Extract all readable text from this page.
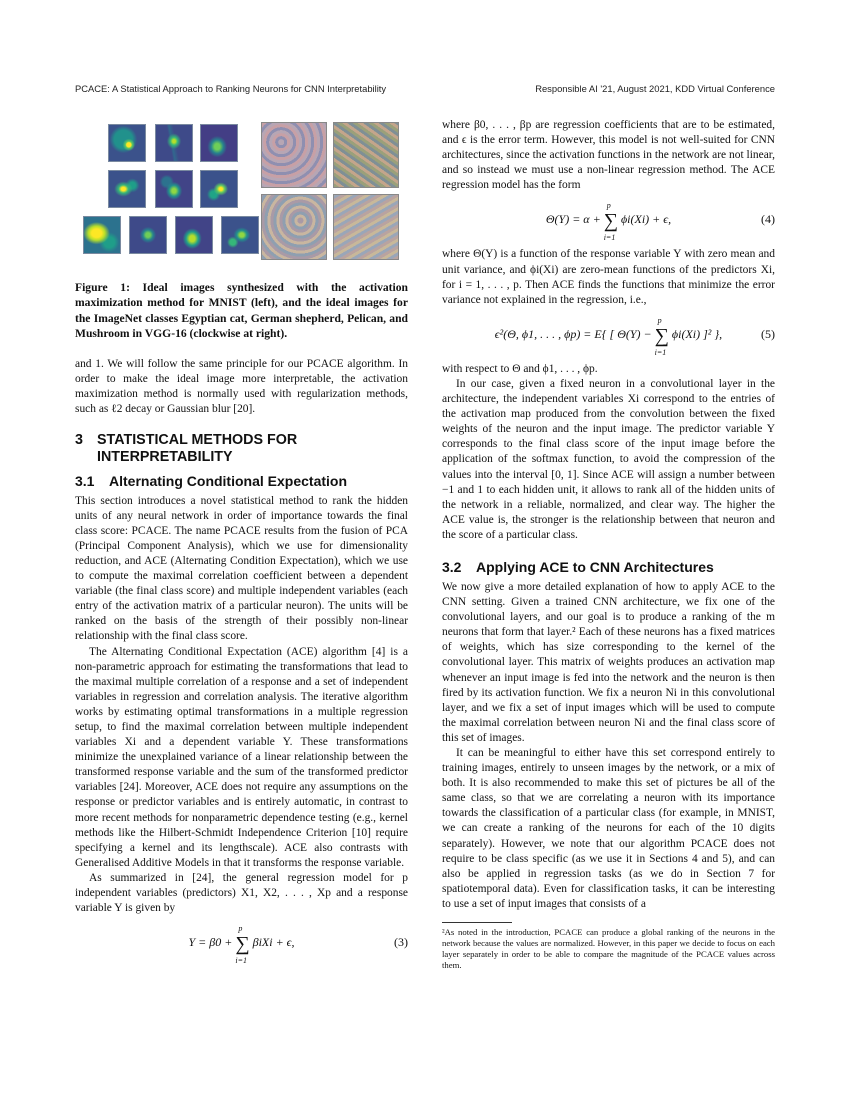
PCACE: A Statistical Approach to Ranking Neurons for CNN Interpretability	Responsible AI '21, August 2021, KDD Virtual Conference

Figure 1: Ideal images synthesized with the activation maximization method for MNIST (left), and the ideal images for the ImageNet classes Egyptian cat, German shepherd, Pelican, and Mushroom in VGG-16 (clockwise at right).

and 1. We will follow the same principle for our PCACE algorithm. In order to make the ideal image more interpretable, the activation maximization method is normally used with regularization methods, such as ℓ2 decay or Gaussian blur [20].

3 STATISTICAL METHODS FOR
INTERPRETABILITY
3.1 Alternating Conditional Expectation

This section introduces a novel statistical method to rank the hidden units of any neural network in order of importance towards the final class score: PCACE. The name PCACE results from the fusion of PCA (Principal Component Analysis), which we use for dimensionality reduction, and ACE (Alternating Condition Expectation), which we use to compute the maximal correlation coefficient between a dependent variable (the final class score) and multiple independent variables (each entry of the activation matrix of a particular neuron). The units will be ranked on the basis of the strength of their possibly non-linear relationship with the final class score.

The Alternating Conditional Expectation (ACE) algorithm [4] is a non-parametric approach for estimating the transformations that lead to the maximal multiple correlation of a response and a set of independent variables in regression and correlation analysis. The iterative algorithm works by estimating optimal transformations in a multiple regression setup, to find the maximal correlation between multiple independent variables Xi and a dependent variable Y. These transformations minimize the unexplained variance of a linear relationship between the transformed response variable and the sum of the transformed predictor variables [24]. Moreover, ACE does not require any assumptions on the response or predictor variables and is entirely automatic, in contrast to more recent methods for nonparametric dependence testing (e.g., kernel methods like the Hilbert-Schmidt Independence Criterion [10] require specifying a kernel and its lengthscale). ACE also contrasts with Generalised Additive Models in that it transforms the response variable.

As summarized in [24], the general regression model for p independent variables (predictors) X1, X2, . . . , Xp and a response variable Y is given by

Y = β0 + ∑
p
i=1
βiXi + ϵ,	(3)

where β0, . . . , βp are regression coefficients that are to be estimated, and ϵ is the error term. However, this model is not well-suited for CNN architectures, since the activation functions in the network are not linear, and so instead we must use a non-linear regression method. The ACE regression model has the form

Θ(Y) = α + ∑
p
i=1
ϕi(Xi) + ϵ,	(4)

where Θ(Y) is a function of the response variable Y with zero mean and unit variance, and ϕi(Xi) are zero-mean functions of the predictors Xi, for i = 1, . . . , p. Then ACE finds the functions that minimize the error variance not explained in the regression, i.e.,

ϵ²(Θ, ϕ1, . . . , ϕp) = E{ [ Θ(Y) − ∑
p
i=1
ϕi(Xi) ]² },	(5)

with respect to Θ and ϕ1, . . . , ϕp.

In our case, given a fixed neuron in a convolutional layer in the architecture, the independent variables Xi correspond to the entries of the activation map produced from the convolution between the fixed weights of the neuron and the input image. The predictor variable Y corresponds to the final class score of the input image before the application of the softmax function, to avoid the compression of the values into the interval [0, 1]. Since ACE will assign a number between −1 and 1 to each hidden unit, it allows to rank all of the hidden units of the network in a reliable, normalized, and clear way. The higher the ACE value is, the stronger is the relationship between that neuron and the score of a particular class.

3.2 Applying ACE to CNN Architectures

We now give a more detailed explanation of how to apply ACE to the CNN setting. Given a trained CNN architecture, we fix one of the convolutional layers, and our goal is to produce a ranking of the m neurons that form that layer.² Each of these neurons has a fixed matrices of weights, which has size corresponding to the kernel of the convolutional layer. This matrix of weights produces an activation map whenever an input image is fed into the network and the neuron is then fired by its activation function. We fix a neuron Ni in this convolutional layer, and we fix a set of input images which will be used to compute the maximal correlation between neuron Ni and the final class score of this set of images.

It can be meaningful to either have this set correspond entirely to training images, entirely to unseen images by the network, or a mix of both. It is also recommended to make this set of pictures be all of the same class, so that we are correlating a neuron with its importance towards the classification of a particular class (for example, in MNIST, we can create a ranking of the neurons for each of the 10 digits separately). However, we note that our algorithm PCACE does not require to be class specific (as we use it in Sections 4 and 5), and can also be applied in regression tasks (as we do in Section 7 for spatiotemporal data). Even for classification tasks, it can be interesting to use a set of input images that consists of a

²As noted in the introduction, PCACE can produce a global ranking of the neurons in the network because the values are normalized. However, in this paper we decide to focus on each layer separately in order to be able to compare the magnitude of the PCACE values across them.
